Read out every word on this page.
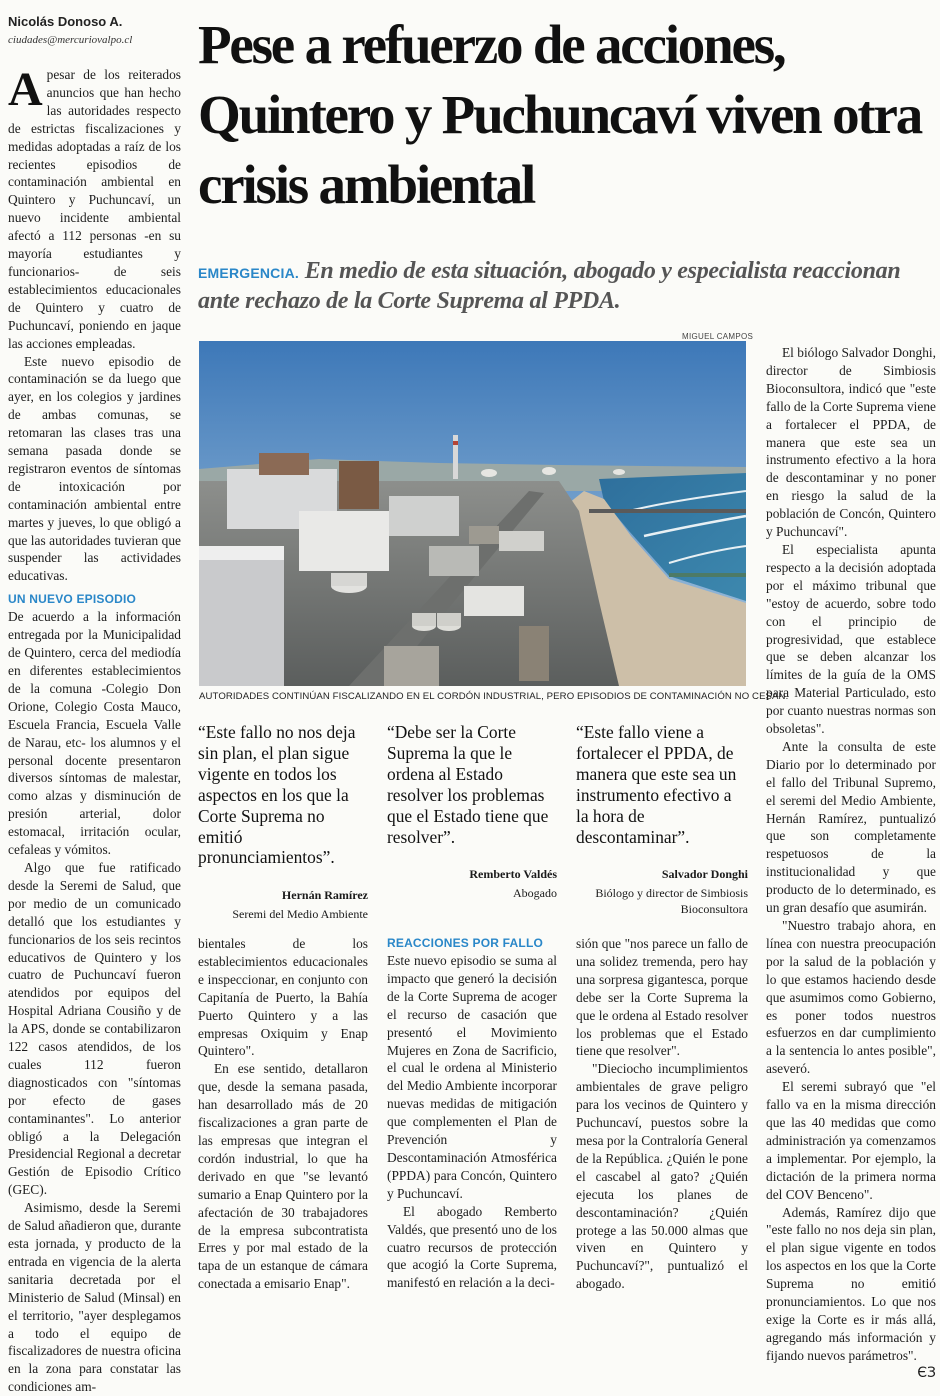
Nicolás Donoso A.
ciudades@mercuriovalpo.cl Pese a refuerzo de acciones, Quintero y Puchuncaví viven otra crisis ambiental
EMERGENCIA. En medio de esta situación, abogado y especialista reaccionan ante rechazo de la Corte Suprema al PPDA.
MIGUEL CAMPOS
AUTORIDADES CONTINÚAN FISCALIZANDO EN EL CORDÓN INDUSTRIAL, PERO EPISODIOS DE CONTAMINACIÓN NO CESAN.
A pesar de los reiterados anuncios que han hecho las autoridades respecto de estrictas fiscalizaciones y medidas adoptadas a raíz de los recientes episodios de contaminación ambiental en Quintero y Puchuncaví, un nuevo incidente ambiental afectó a 112 personas -en su mayoría estudiantes y funcionarios- de seis establecimientos educacionales de Quintero y cuatro de Puchuncaví, poniendo en jaque las acciones empleadas.

Este nuevo episodio de contaminación se da luego que ayer, en los colegios y jardines de ambas comunas, se retomaran las clases tras una semana pasada donde se registraron eventos de síntomas de intoxicación por contaminación ambiental entre martes y jueves, lo que obligó a que las autoridades tuvieran que suspender las actividades educativas.

UN NUEVO EPISODIO

De acuerdo a la información entregada por la Municipalidad de Quintero, cerca del mediodía en diferentes establecimientos de la comuna -Colegio Don Orione, Colegio Costa Mauco, Escuela Francia, Escuela Valle de Narau, etc- los alumnos y el personal docente presentaron diversos síntomas de malestar, como alzas y disminución de presión arterial, dolor estomacal, irritación ocular, cefaleas y vómitos.

Algo que fue ratificado desde la Seremi de Salud, que por medio de un comunicado detalló que los estudiantes y funcionarios de los seis recintos educativos de Quintero y los cuatro de Puchuncaví fueron atendidos por equipos del Hospital Adriana Cousiño y de la APS, donde se contabilizaron 122 casos atendidos, de los cuales 112 fueron diagnosticados con "síntomas por efecto de gases contaminantes". Lo anterior obligó a la Delegación Presidencial Regional a decretar Gestión de Episodio Crítico (GEC).

Asimismo, desde la Seremi de Salud añadieron que, durante esta jornada, y producto de la entrada en vigencia de la alerta sanitaria decretada por el Ministerio de Salud (Minsal) en el territorio, "ayer desplegamos a todo el equipo de fiscalizadores de nuestra oficina en la zona para constatar las condiciones am-

“Este fallo no nos deja sin plan, el plan sigue vigente en todos los aspectos en los que la Corte Suprema no emitió pronunciamientos”.
Hernán Ramírez
Seremi del Medio Ambiente
“Debe ser la Corte Suprema la que le ordena al Estado resolver los problemas que el Estado tiene que resolver”.
Remberto Valdés
Abogado
“Este fallo viene a fortalecer el PPDA, de manera que este sea un instrumento efectivo a la hora de descontaminar”.
Salvador Donghi
Biólogo y director de Simbiosis Bioconsultora

bientales de los establecimientos educacionales e inspeccionar, en conjunto con Capitanía de Puerto, la Bahía Puerto Quintero y a las empresas Oxiquim y Enap Quintero".

En ese sentido, detallaron que, desde la semana pasada, han desarrollado más de 20 fiscalizaciones a gran parte de las empresas que integran el cordón industrial, lo que ha derivado en que "se levantó sumario a Enap Quintero por la afectación de 30 trabajadores de la empresa subcontratista Erres y por mal estado de la tapa de un estanque de cámara conectada a emisario Enap".

REACCIONES POR FALLO

Este nuevo episodio se suma al impacto que generó la decisión de la Corte Suprema de acoger el recurso de casación que presentó el Movimiento Mujeres en Zona de Sacrificio, el cual le ordena al Ministerio del Medio Ambiente incorporar nuevas medidas de mitigación que complementen el Plan de Prevención y Descontaminación Atmosférica (PPDA) para Concón, Quintero y Puchuncaví.

El abogado Remberto Valdés, que presentó uno de los cuatro recursos de protección que acogió la Corte Suprema, manifestó en relación a la deci-

sión que "nos parece un fallo de una solidez tremenda, pero hay una sorpresa gigantesca, porque debe ser la Corte Suprema la que le ordena al Estado resolver los problemas que el Estado tiene que resolver".

"Dieciocho incumplimientos ambientales de grave peligro para los vecinos de Quintero y Puchuncaví, puestos sobre la mesa por la Contraloría General de la República. ¿Quién le pone el cascabel al gato? ¿Quién ejecuta los planes de descontaminación? ¿Quién protege a las 50.000 almas que viven en Quintero y Puchuncaví?", puntualizó el abogado.

El biólogo Salvador Donghi, director de Simbiosis Bioconsultora, indicó que "este fallo de la Corte Suprema viene a fortalecer el PPDA, de manera que este sea un instrumento efectivo a la hora de descontaminar y no poner en riesgo la salud de la población de Concón, Quintero y Puchuncaví".

El especialista apunta respecto a la decisión adoptada por el máximo tribunal que "estoy de acuerdo, sobre todo con el principio de progresividad, que establece que se deben alcanzar los límites de la guía de la OMS para Material Particulado, esto por cuanto nuestras normas son obsoletas".

Ante la consulta de este Diario por lo determinado por el fallo del Tribunal Supremo, el seremi del Medio Ambiente, Hernán Ramírez, puntualizó que son completamente respetuosos de la institucionalidad y que producto de lo determinado, es un gran desafío que asumirán.

"Nuestro trabajo ahora, en línea con nuestra preocupación por la salud de la población y lo que estamos haciendo desde que asumimos como Gobierno, es poner todos nuestros esfuerzos en dar cumplimiento a la sentencia lo antes posible", aseveró.

El seremi subrayó que "el fallo va en la misma dirección que las 40 medidas que como administración ya comenzamos a implementar. Por ejemplo, la dictación de la primera norma del COV Benceno".

Además, Ramírez dijo que "este fallo no nos deja sin plan, el plan sigue vigente en todos los aspectos en los que la Corte Suprema no emitió pronunciamientos. Lo que nos exige la Corte es ir más allá, agregando más información y fijando nuevos parámetros".

ЄЗ
